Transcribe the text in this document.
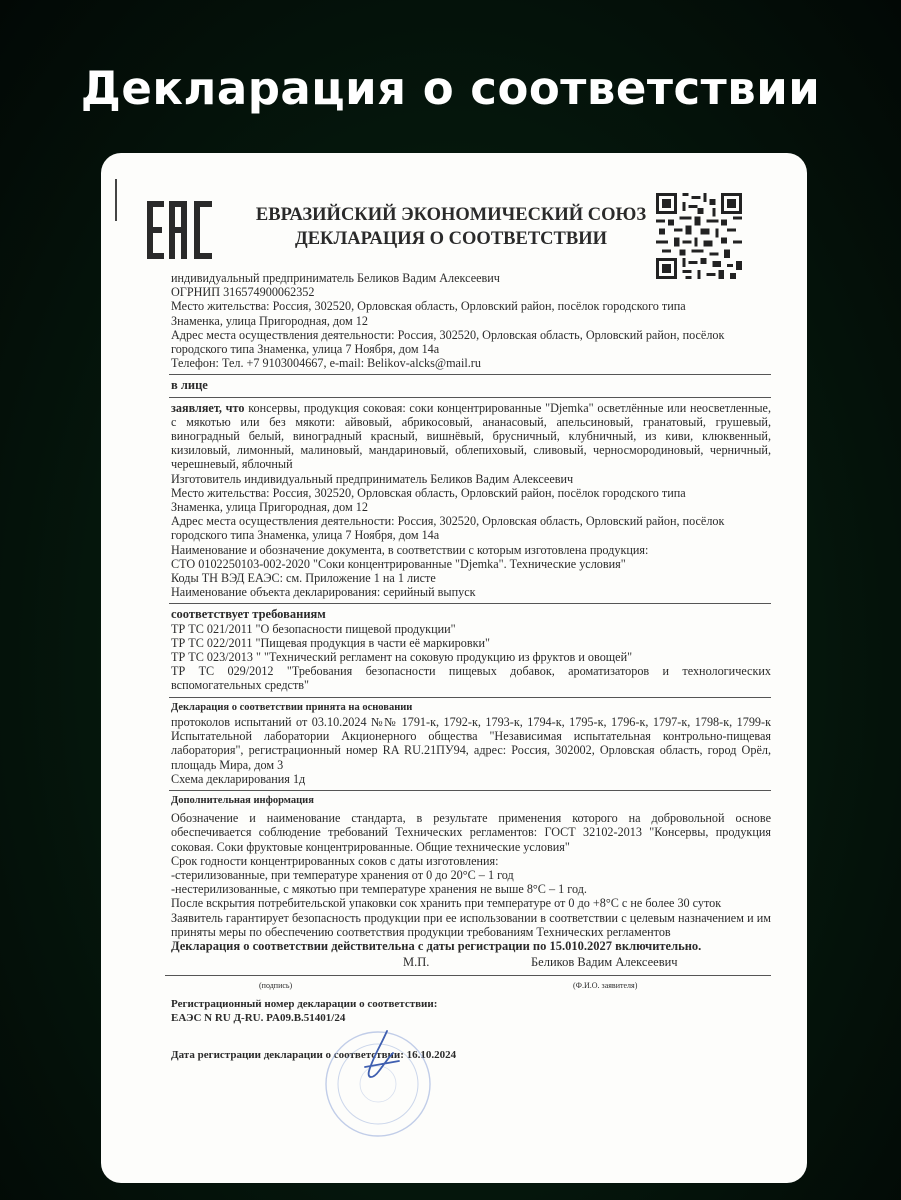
Декларация о соответствии
ЕВРАЗИЙСКИЙ ЭКОНОМИЧЕСКИЙ СОЮЗ
ДЕКЛАРАЦИЯ О СООТВЕТСТВИИ
индивидуальный предприниматель Беликов Вадим Алексеевич
ОГРНИП 316574900062352
Место жительства: Россия, 302520, Орловская область, Орловский район, посёлок городского типа
Знаменка, улица Пригородная, дом 12
Адрес места осуществления деятельности: Россия, 302520, Орловская область, Орловский район, посёлок
городского типа Знаменка, улица 7 Ноября, дом 14а
Телефон: Тел. +7 9103004667, e-mail: Belikov-alcks@mail.ru
в лице
заявляет, что консервы, продукция соковая: соки концентрированные "Djemka" осветлённые или неосветленные, с мякотью или без мякоти: айвовый, абрикосовый, ананасовый, апельсиновый, гранатовый, грушевый, виноградный белый, виноградный красный, вишнёвый, брусничный, клубничный, из киви, клюквенный, кизиловый, лимонный, малиновый, мандариновый, облепиховый, сливовый, черносмородиновый, черничный, черешневый, яблочный
Изготовитель индивидуальный предприниматель Беликов Вадим Алексеевич
Место жительства: Россия, 302520, Орловская область, Орловский район, посёлок городского типа
Знаменка, улица Пригородная, дом 12
Адрес места осуществления деятельности: Россия, 302520, Орловская область, Орловский район, посёлок
городского типа Знаменка, улица 7 Ноября, дом 14а
Наименование и обозначение документа, в соответствии с которым изготовлена продукция:
СТО 0102250103-002-2020 "Соки концентрированные "Djemka". Технические условия"
Коды ТН ВЭД ЕАЭС: см. Приложение 1 на 1 листе
Наименование объекта декларирования: серийный выпуск
соответствует требованиям
ТР ТС 021/2011 "О безопасности пищевой продукции"
ТР ТС 022/2011 "Пищевая продукция в части её маркировки"
ТР ТС 023/2013 " "Технический регламент на соковую продукцию из фруктов и овощей"
ТР ТС 029/2012 "Требования безопасности пищевых добавок, ароматизаторов и технологических вспомогательных средств"
Декларация о соответствии принята на основании
протоколов испытаний от 03.10.2024 №№ 1791-к, 1792-к, 1793-к, 1794-к, 1795-к, 1796-к, 1797-к, 1798-к, 1799-к Испытательной лаборатории Акционерного общества "Независимая испытательная контрольно-пищевая лаборатория", регистрационный номер RA RU.21ПУ94, адрес: Россия, 302002, Орловская область, город Орёл, площадь Мира, дом 3
Схема декларирования 1д
Дополнительная информация
Обозначение и наименование стандарта, в результате применения которого на добровольной основе обеспечивается соблюдение требований Технических регламентов: ГОСТ 32102-2013 "Консервы, продукция соковая. Соки фруктовые концентрированные. Общие технические условия"
Срок годности концентрированных соков с даты изготовления:
-стерилизованные, при температуре хранения от 0 до 20°С – 1 год
-нестерилизованные, с мякотью при температуре хранения не выше 8°С – 1 год.
После вскрытия потребительской упаковки сок хранить при температуре от 0 до +8°С с не более 30 суток
Заявитель гарантирует безопасность продукции при ее использовании в соответствии с целевым назначением и им приняты меры по обеспечению соответствия продукции требованиям Технических регламентов
Декларация о соответствии действительна с даты регистрации по 15.010.2027 включительно.
М.П.	Беликов Вадим Алексеевич
(подпись)	(Ф.И.О. заявителя)
Регистрационный номер декларации о соответствии:
ЕАЭС N RU Д-RU. PA09.B.51401/24
Дата регистрации декларации о соответствии: 16.10.2024
